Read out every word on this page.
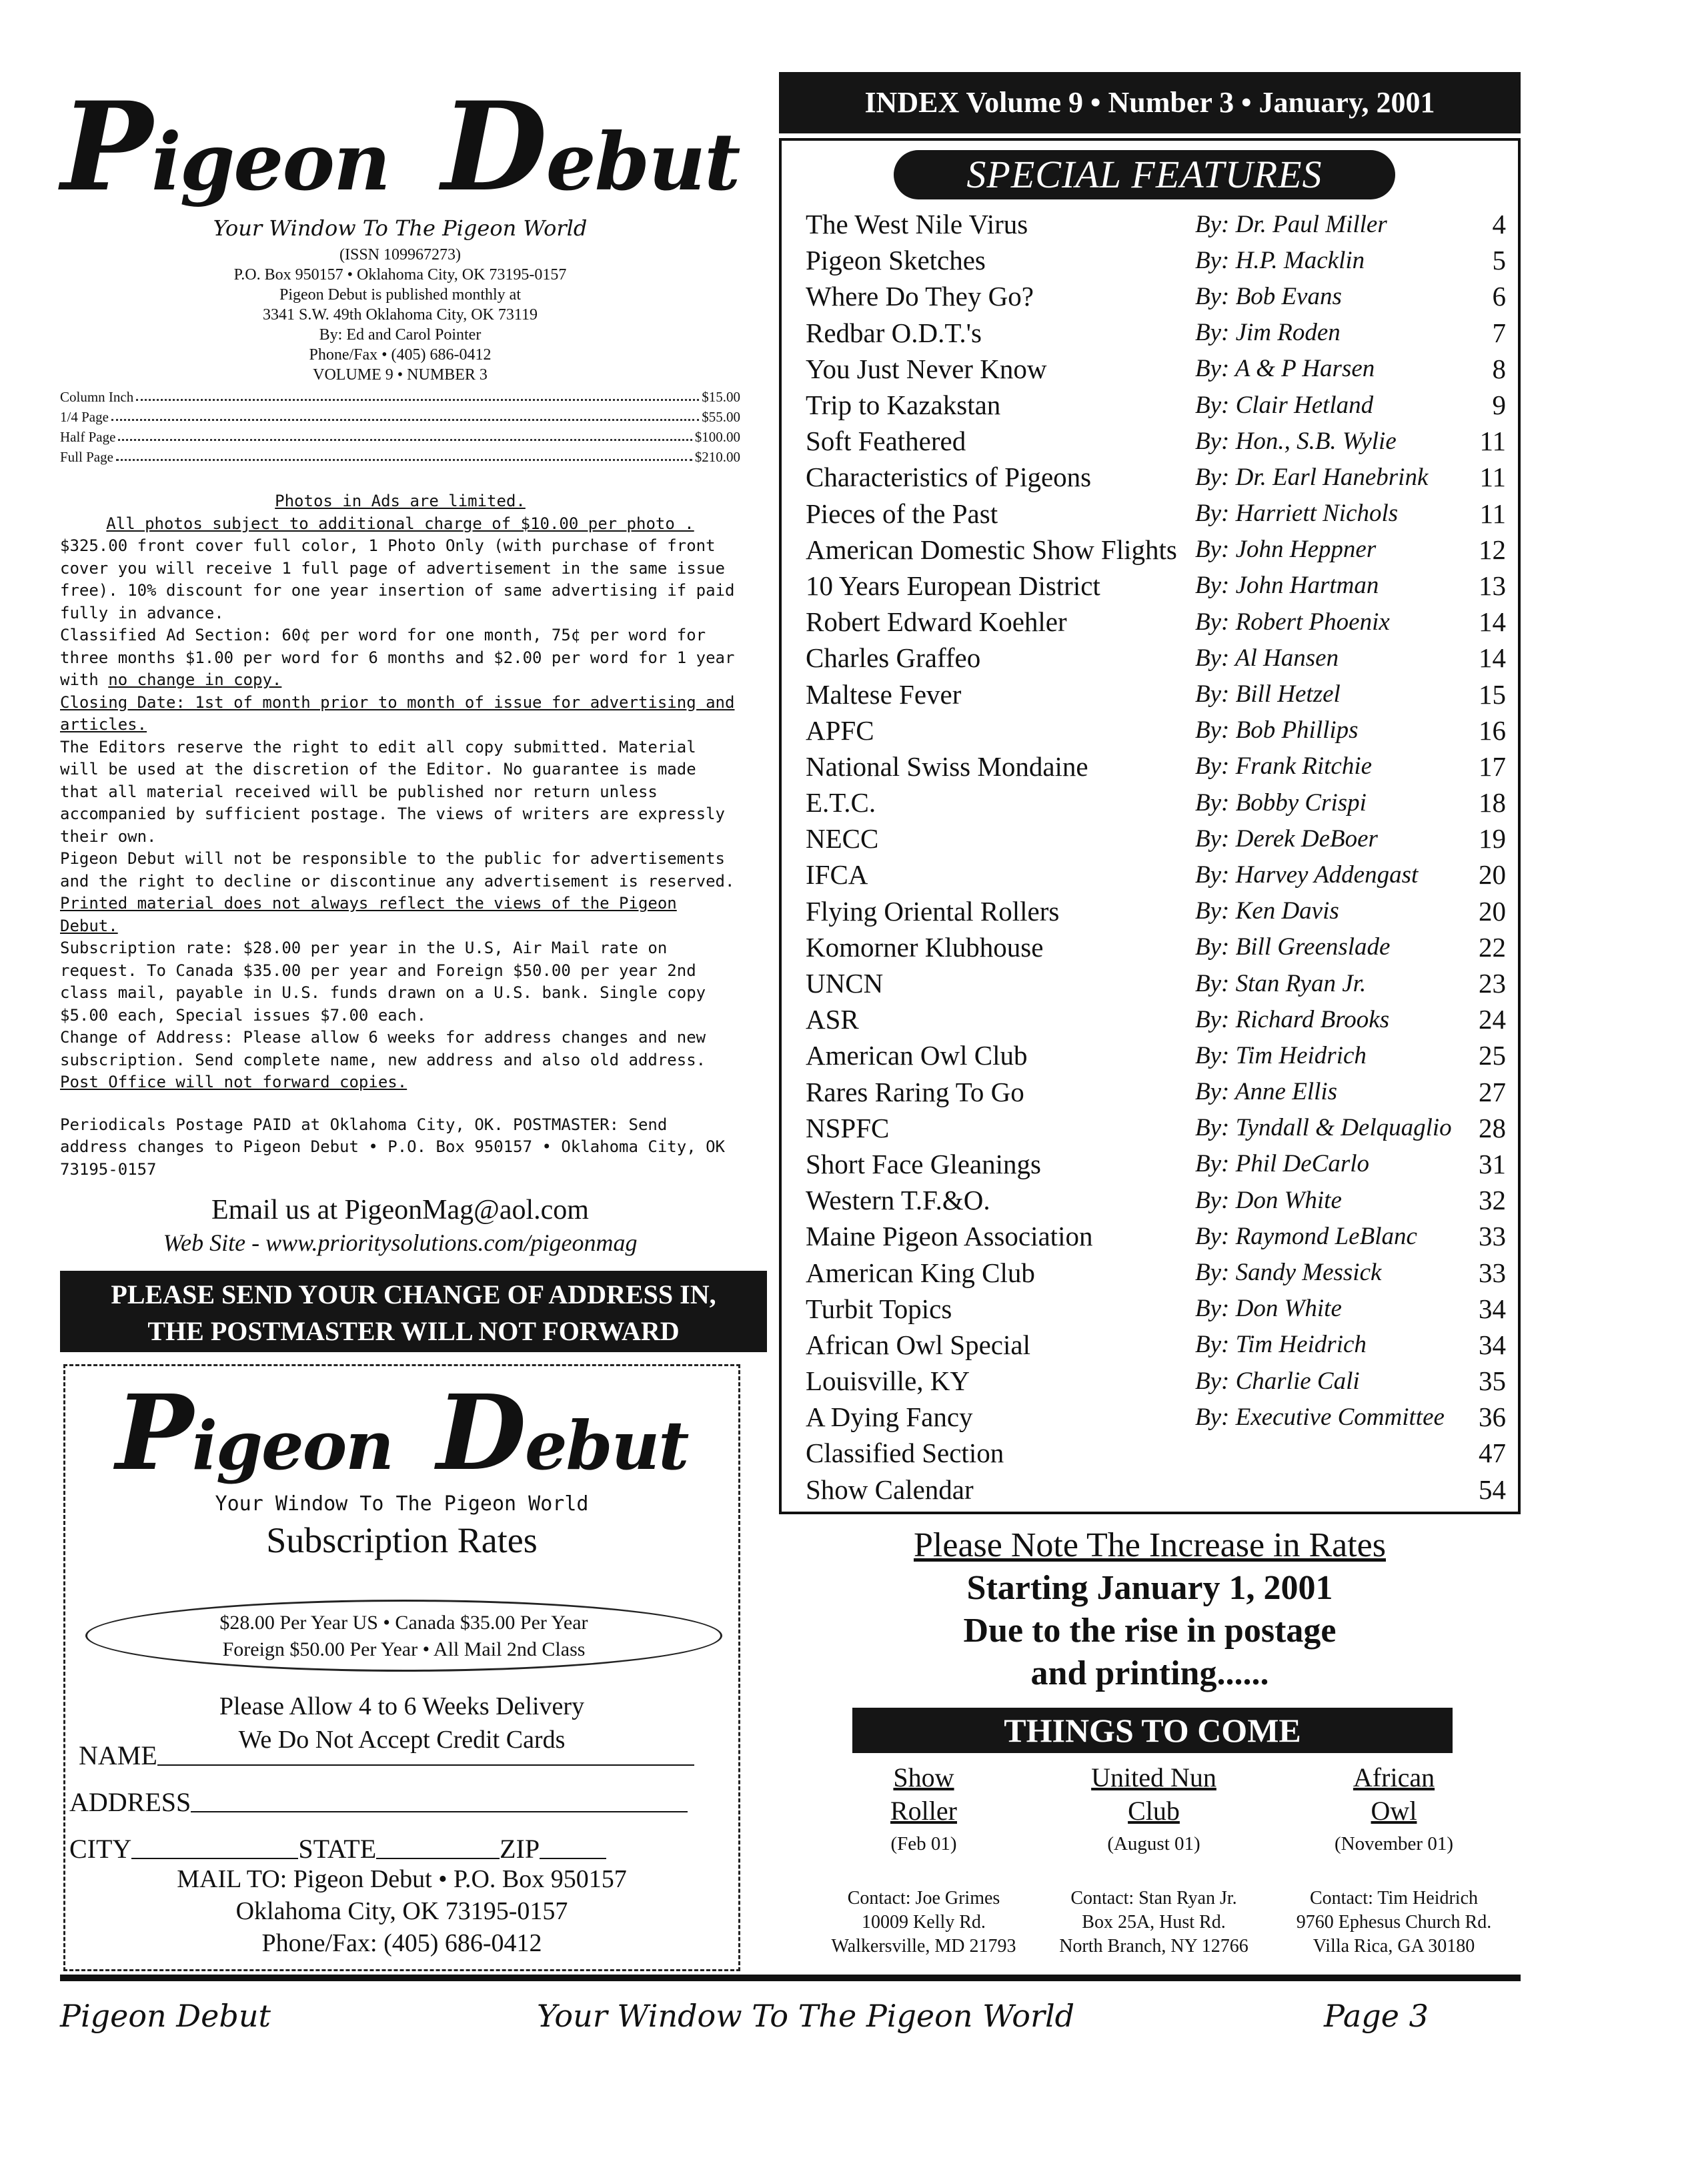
Pigeon Debut
Your Window To The Pigeon World
(ISSN 109967273)
P.O. Box 950157 • Oklahoma City, OK 73195-0157
Pigeon Debut is published monthly at
3341 S.W. 49th Oklahoma City, OK 73119
By: Ed and Carol Pointer
Phone/Fax • (405) 686-0412
VOLUME 9 • NUMBER 3
Column Inch	$15.00
1/4 Page	$55.00
Half Page	$100.00
Full Page	$210.00

Photos in Ads are limited.

All photos subject to additional charge of $10.00 per photo .

$325.00 front cover full color, 1 Photo Only (with purchase of front cover you will receive 1 full page of advertisement in the same issue free). 10% discount for one year insertion of same advertising if paid fully in advance.

Classified Ad Section: 60¢ per word for one month, 75¢ per word for three months $1.00 per word for 6 months and $2.00 per word for 1 year with no change in copy.

Closing Date: 1st of month prior to month of issue for advertising and articles.

The Editors reserve the right to edit all copy submitted. Material will be used at the discretion of the Editor. No guarantee is made that all material received will be published nor return unless accompanied by sufficient postage. The views of writers are expressly their own.

Pigeon Debut will not be responsible to the public for advertisements and the right to decline or discontinue any advertisement is reserved. Printed material does not always reflect the views of the Pigeon Debut.

Subscription rate: $28.00 per year in the U.S, Air Mail rate on request. To Canada $35.00 per year and Foreign $50.00 per year 2nd class mail, payable in U.S. funds drawn on a U.S. bank. Single copy $5.00 each, Special issues $7.00 each.

Change of Address: Please allow 6 weeks for address changes and new subscription. Send complete name, new address and also old address. Post Office will not forward copies.

Periodicals Postage PAID at Oklahoma City, OK. POSTMASTER: Send address changes to Pigeon Debut • P.O. Box 950157 • Oklahoma City, OK 73195-0157

Email us at PigeonMag@aol.com
Web Site - www.prioritysolutions.com/pigeonmag
PLEASE SEND YOUR CHANGE OF ADDRESS IN,
THE POSTMASTER WILL NOT FORWARD
Pigeon Debut
Your Window To The Pigeon World
Subscription Rates
$28.00 Per Year US • Canada $35.00 Per Year
Foreign $50.00 Per Year • All Mail 2nd Class
Please Allow 4 to 6 Weeks Delivery
We Do Not Accept Credit Cards
NAME
ADDRESS
CITY	STATE	ZIP
MAIL TO: Pigeon Debut • P.O. Box 950157
Oklahoma City, OK 73195-0157
Phone/Fax: (405) 686-0412
INDEX Volume 9 • Number 3 • January, 2001
SPECIAL FEATURES
The West Nile Virus	By: Dr. Paul Miller	4
Pigeon Sketches	By: H.P. Macklin	5
Where Do They Go?	By: Bob Evans	6
Redbar O.D.T.'s	By: Jim Roden	7
You Just Never Know	By: A & P Harsen	8
Trip to Kazakstan	By: Clair Hetland	9
Soft Feathered	By: Hon., S.B. Wylie	11
Characteristics of Pigeons	By: Dr. Earl Hanebrink	11
Pieces of the Past	By: Harriett Nichols	11
American Domestic Show Flights By: John Heppner	12
10 Years European District	By: John Hartman	13
Robert Edward Koehler	By: Robert Phoenix	14
Charles Graffeo	By: Al Hansen	14
Maltese Fever	By: Bill Hetzel	15
APFC	By: Bob Phillips	16
National Swiss Mondaine	By: Frank Ritchie	17
E.T.C.	By: Bobby Crispi	18
NECC	By: Derek DeBoer	19
IFCA	By: Harvey Addengast	20
Flying Oriental Rollers	By: Ken Davis	20
Komorner Klubhouse	By: Bill Greenslade	22
UNCN	By: Stan Ryan Jr.	23
ASR	By: Richard Brooks	24
American Owl Club	By: Tim Heidrich	25
Rares Raring To Go	By: Anne Ellis	27
NSPFC	By: Tyndall & Delquaglio 28
Short Face Gleanings	By: Phil DeCarlo	31
Western T.F.&O.	By: Don White	32
Maine Pigeon Association	By: Raymond LeBlanc	33
American King Club	By: Sandy Messick	33
Turbit Topics	By: Don White	34
African Owl Special	By: Tim Heidrich	34
Louisville, KY	By: Charlie Cali	35
A Dying Fancy	By: Executive Committee	36
Classified Section	47
Show Calendar	54
Please Note The Increase in Rates
Starting January 1, 2001
Due to the rise in postage
and printing......
THINGS TO COME
Show
Roller
(Feb 01)
Contact: Joe Grimes
10009 Kelly Rd.
Walkersville, MD 21793
United Nun
Club
(August 01)
Contact: Stan Ryan Jr.
Box 25A, Hust Rd.
North Branch, NY 12766
African
Owl
(November 01)
Contact: Tim Heidrich
9760 Ephesus Church Rd.
Villa Rica, GA 30180
Pigeon Debut	Your Window To The Pigeon World	Page 3
